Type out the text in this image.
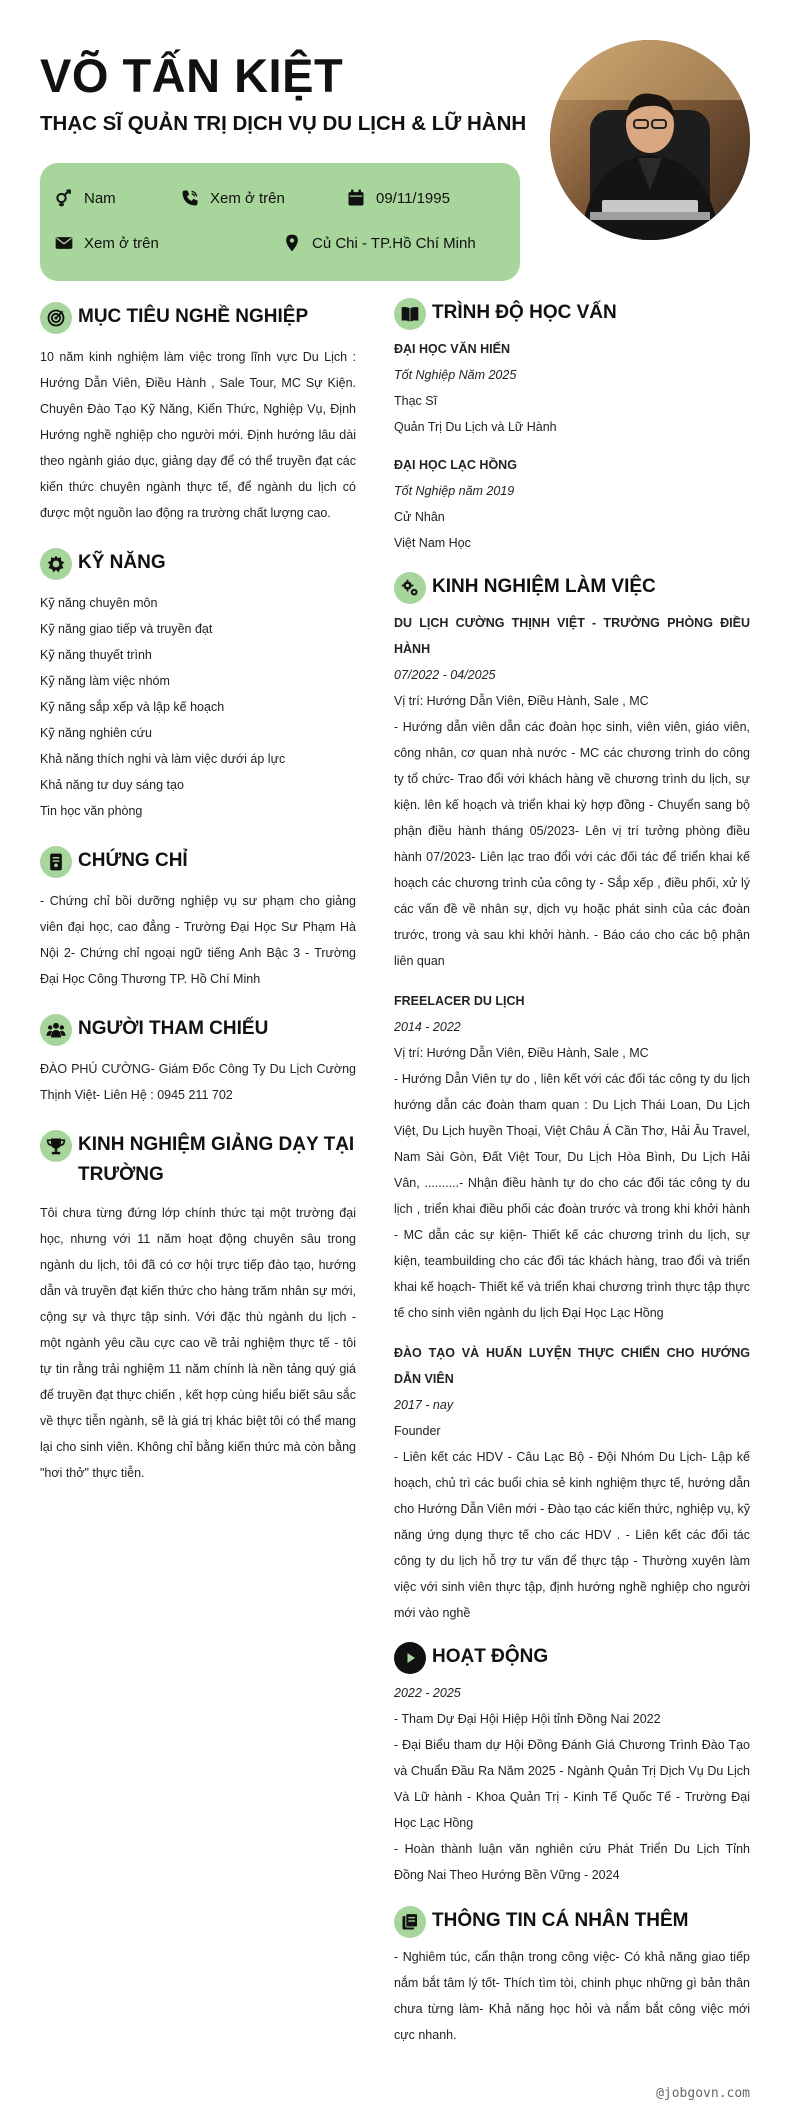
VÕ TẤN KIỆT
THẠC SĨ QUẢN TRỊ DỊCH VỤ DU LỊCH & LỮ HÀNH
Nam	Xem ở trên	09/11/1995
Xem ở trên	Củ Chi - TP.Hồ Chí Minh
MỤC TIÊU NGHỀ NGHIỆP
10 năm kinh nghiệm làm việc trong lĩnh vực Du Lịch : Hướng Dẫn Viên, Điều Hành , Sale Tour, MC Sự Kiện. Chuyên Đào Tạo Kỹ Năng, Kiến Thức, Nghiệp Vụ, Định Hướng nghề nghiệp cho người mới. Định hướng lâu dài theo ngành giáo dục, giảng dạy để có thể truyền đạt các kiến thức chuyên ngành thực tế, để ngành du lịch có được một nguồn lao động ra trường chất lượng cao.
KỸ NĂNG
Kỹ năng chuyên môn
Kỹ năng giao tiếp và truyền đạt
Kỹ năng thuyết trình
Kỹ năng làm việc nhóm
Kỹ năng sắp xếp và lập kế hoạch
Kỹ năng nghiên cứu
Khả năng thích nghi và làm việc dưới áp lực
Khả năng tư duy sáng tạo
Tin học văn phòng
CHỨNG CHỈ
- Chứng chỉ bồi dưỡng nghiệp vụ sư phạm cho giảng viên đại học, cao đẳng - Trường Đại Học Sư Phạm Hà Nội 2- Chứng chỉ ngoại ngữ tiếng Anh Bậc 3 - Trường Đại Học Công Thương TP. Hồ Chí Minh
NGƯỜI THAM CHIẾU
ĐÀO PHÚ CƯỜNG- Giám Đốc Công Ty Du Lịch Cường Thịnh Việt- Liên Hệ : 0945 211 702
KINH NGHIỆM GIẢNG DẠY TẠI TRƯỜNG
Tôi chưa từng đứng lớp chính thức tại một trường đại học, nhưng với 11 năm hoạt động chuyên sâu trong ngành du lịch, tôi đã có cơ hội trực tiếp đào tạo, hướng dẫn và truyền đạt kiến thức cho hàng trăm nhân sự mới, cộng sự và thực tập sinh. Với đặc thù ngành du lịch - một ngành yêu cầu cực cao về trải nghiệm thực tế - tôi tự tin rằng trải nghiệm 11 năm chính là nền tảng quý giá để truyền đạt thực chiến , kết hợp cùng hiểu biết sâu sắc về thực tiễn ngành, sẽ là giá trị khác biệt tôi có thể mang lại cho sinh viên. Không chỉ bằng kiến thức mà còn bằng "hơi thở" thực tiễn.
TRÌNH ĐỘ HỌC VẤN
ĐẠI HỌC VĂN HIẾN
Tốt Nghiệp Năm 2025
Thạc Sĩ
Quản Trị Du Lịch và Lữ Hành
ĐẠI HỌC LẠC HỒNG
Tốt Nghiệp năm 2019
Cử Nhân
Việt Nam Học
KINH NGHIỆM LÀM VIỆC
DU LỊCH CƯỜNG THỊNH VIỆT - TRƯỞNG PHÒNG ĐIỀU HÀNH
07/2022 - 04/2025
Vị trí: Hướng Dẫn Viên, Điều Hành, Sale , MC
- Hướng dẫn viên dẫn các đoàn học sinh, viên viên, giáo viên, công nhân, cơ quan nhà nước - MC các chương trình do công ty tổ chức- Trao đổi với khách hàng về chương trình du lịch, sự kiện. lên kế hoạch và triển khai kỳ hợp đồng - Chuyển sang bộ phận điều hành tháng 05/2023- Lên vị trí tưởng phòng điều hành 07/2023- Liên lạc trao đổi với các đối tác để triển khai kế hoạch các chương trình của công ty - Sắp xếp , điều phối, xử lý các vấn đề về nhân sự, dịch vụ hoặc phát sinh của các đoàn trước, trong và sau khi khởi hành. - Báo cáo cho các bộ phận liên quan
FREELACER DU LỊCH
2014 - 2022
Vị trí: Hướng Dẫn Viên, Điều Hành, Sale , MC
- Hướng Dẫn Viên tự do , liên kết với các đối tác công ty du lịch hướng dẫn các đoàn tham quan : Du Lịch Thái Loan, Du Lịch Việt, Du Lịch huyền Thoại, Việt Châu Á Cần Thơ, Hải Âu Travel, Nam Sài Gòn, Đất Việt Tour, Du Lịch Hòa Bình, Du Lịch Hải Vân, ..........- Nhận điều hành tự do cho các đối tác công ty du lịch , triển khai điều phối các đoàn trước và trong khi khởi hành - MC dẫn các sự kiện- Thiết kế các chương trình du lịch, sự kiện, teambuilding cho các đối tác khách hàng, trao đổi và triển khai kế hoạch- Thiết kế và triển khai chương trình thực tập thực tế cho sinh viên ngành du lịch Đại Học Lạc Hồng
ĐÀO TẠO VÀ HUẤN LUYỆN THỰC CHIẾN CHO HƯỚNG DẪN VIÊN
2017 - nay
Founder
- Liên kết các HDV - Câu Lạc Bộ - Đội Nhóm Du Lịch- Lập kế hoạch, chủ trì các buổi chia sẻ kinh nghiệm thực tế, hướng dẫn cho Hướng Dẫn Viên mới - Đào tạo các kiến thức, nghiệp vụ, kỹ năng ứng dụng thực tế cho các HDV . - Liên kết các đối tác công ty du lịch hỗ trợ tư vấn để thực tập - Thường xuyên làm việc với sinh viên thực tập, định hướng nghề nghiệp cho người mới vào nghề
HOẠT ĐỘNG
2022 - 2025
- Tham Dự Đại Hội Hiệp Hội tỉnh Đồng Nai 2022
- Đại Biểu tham dự Hội Đồng Đánh Giá Chương Trình Đào Tạo và Chuẩn Đầu Ra Năm 2025 - Ngành Quản Trị Dịch Vụ Du Lịch Và Lữ hành - Khoa Quản Trị - Kinh Tế Quốc Tế - Trường Đại Học Lạc Hồng
- Hoàn thành luận văn nghiên cứu Phát Triển Du Lịch Tỉnh Đồng Nai Theo Hướng Bền Vững - 2024
THÔNG TIN CÁ NHÂN THÊM
- Nghiêm túc, cẩn thận trong công việc- Có khả năng giao tiếp nắm bắt tâm lý tốt- Thích tìm tòi, chinh phục những gì bản thân chưa từng làm- Khả năng học hỏi và nắm bắt công việc mới cực nhanh.
@jobgovn.com
